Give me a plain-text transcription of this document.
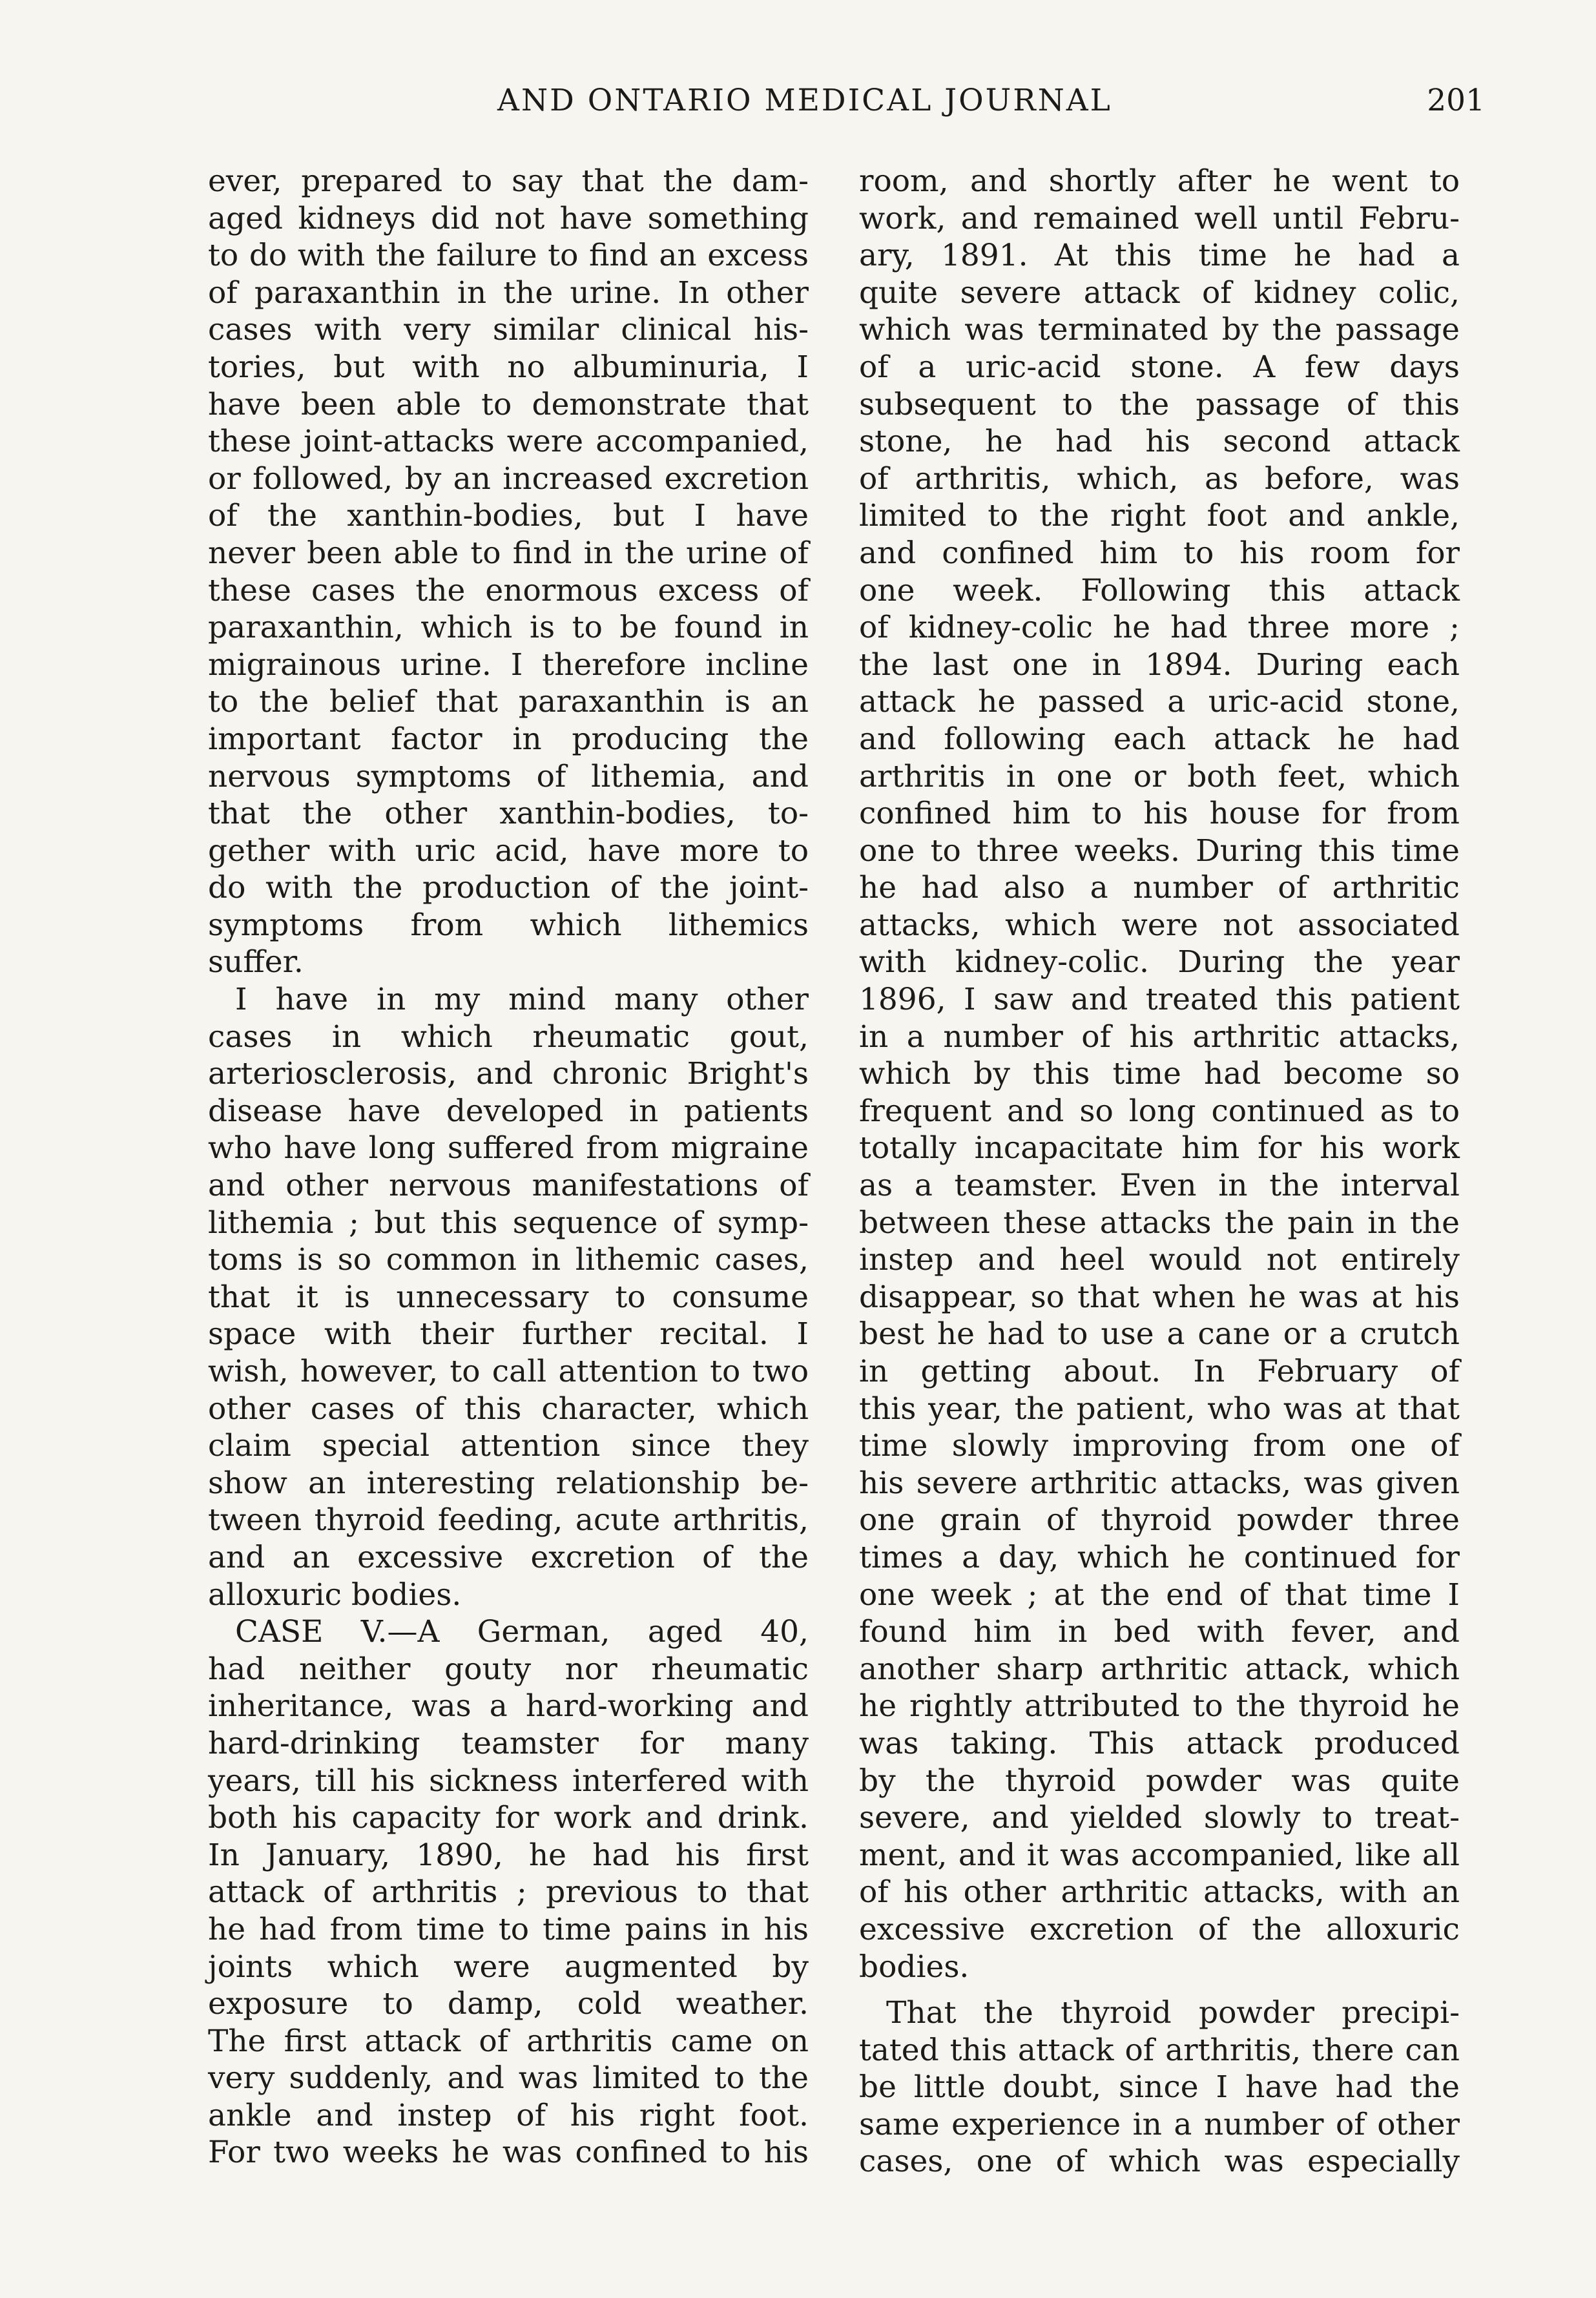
AND ONTARIO MEDICAL JOURNAL	201
ever, prepared to say that the dam-
aged kidneys did not have something
to do with the failure to find an excess
of paraxanthin in the urine. In other
cases with very similar clinical his-
tories, but with no albuminuria, I
have been able to demonstrate that
these joint-attacks were accompanied,
or followed, by an increased excretion
of the xanthin-bodies, but I have
never been able to find in the urine of
these cases the enormous excess of
paraxanthin, which is to be found in
migrainous urine. I therefore incline
to the belief that paraxanthin is an
important factor in producing the
nervous symptoms of lithemia, and
that the other xanthin-bodies, to-
gether with uric acid, have more to
do with the production of the joint-
symptoms from which lithemics
suffer.
I have in my mind many other
cases in which rheumatic gout,
arteriosclerosis, and chronic Bright's
disease have developed in patients
who have long suffered from migraine
and other nervous manifestations of
lithemia ; but this sequence of symp-
toms is so common in lithemic cases,
that it is unnecessary to consume
space with their further recital. I
wish, however, to call attention to two
other cases of this character, which
claim special attention since they
show an interesting relationship be-
tween thyroid feeding, acute arthritis,
and an excessive excretion of the
alloxuric bodies.
CASE V.—A German, aged 40,
had neither gouty nor rheumatic
inheritance, was a hard-working and
hard-drinking teamster for many
years, till his sickness interfered with
both his capacity for work and drink.
In January, 1890, he had his first
attack of arthritis ; previous to that
he had from time to time pains in his
joints which were augmented by
exposure to damp, cold weather.
The first attack of arthritis came on
very suddenly, and was limited to the
ankle and instep of his right foot.
For two weeks he was confined to his
room, and shortly after he went to
work, and remained well until Febru-
ary, 1891. At this time he had a
quite severe attack of kidney colic,
which was terminated by the passage
of a uric-acid stone. A few days
subsequent to the passage of this
stone, he had his second attack
of arthritis, which, as before, was
limited to the right foot and ankle,
and confined him to his room for
one week. Following this attack
of kidney-colic he had three more ;
the last one in 1894. During each
attack he passed a uric-acid stone,
and following each attack he had
arthritis in one or both feet, which
confined him to his house for from
one to three weeks. During this time
he had also a number of arthritic
attacks, which were not associated
with kidney-colic. During the year
1896, I saw and treated this patient
in a number of his arthritic attacks,
which by this time had become so
frequent and so long continued as to
totally incapacitate him for his work
as a teamster. Even in the interval
between these attacks the pain in the
instep and heel would not entirely
disappear, so that when he was at his
best he had to use a cane or a crutch
in getting about. In February of
this year, the patient, who was at that
time slowly improving from one of
his severe arthritic attacks, was given
one grain of thyroid powder three
times a day, which he continued for
one week ; at the end of that time I
found him in bed with fever, and
another sharp arthritic attack, which
he rightly attributed to the thyroid he
was taking. This attack produced
by the thyroid powder was quite
severe, and yielded slowly to treat-
ment, and it was accompanied, like all
of his other arthritic attacks, with an
excessive excretion of the alloxuric
bodies.
That the thyroid powder precipi-
tated this attack of arthritis, there can
be little doubt, since I have had the
same experience in a number of other
cases, one of which was especially
